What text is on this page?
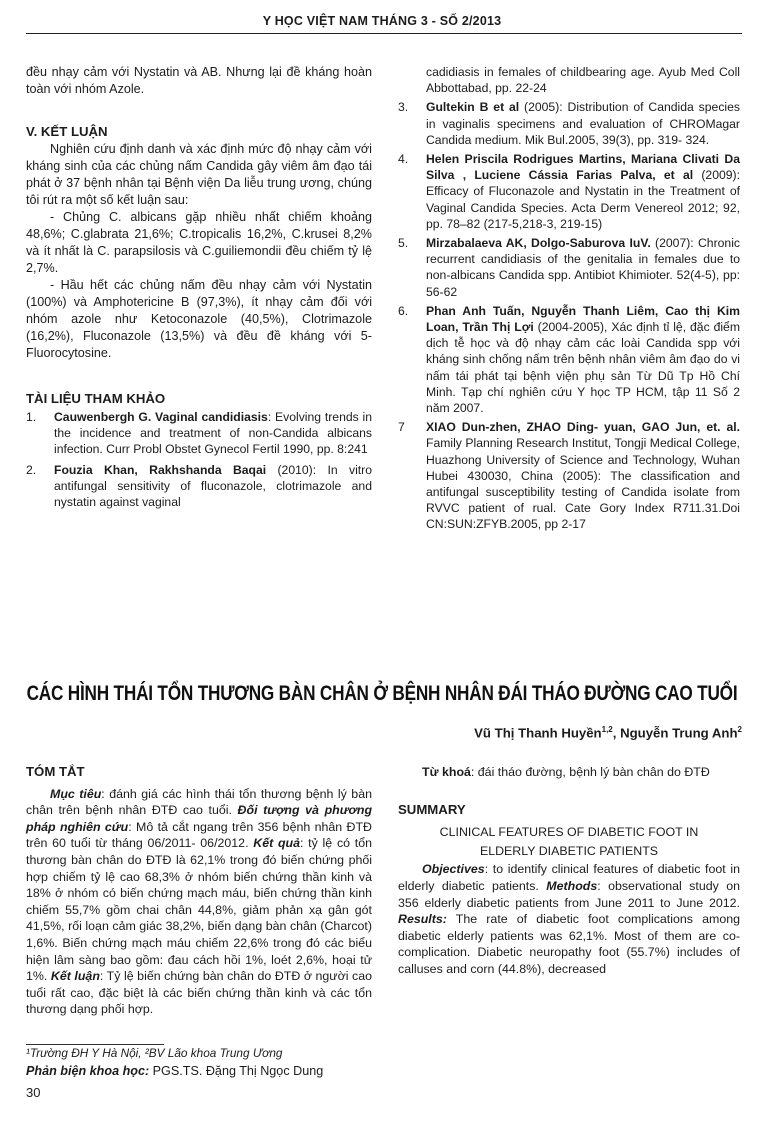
Y HỌC VIỆT NAM THÁNG 3 - SỐ 2/2013

đều nhạy cảm với Nystatin và AB. Nhưng lại đề kháng hoàn toàn với nhóm Azole.

V. KẾT LUẬN

Nghiên cứu định danh và xác định mức độ nhạy cảm với kháng sinh của các chủng nấm Candida gây viêm âm đạo tái phát ở 37 bệnh nhân tại Bệnh viện Da liễu trung ương, chúng tôi rút ra một số kết luận sau:

- Chủng C. albicans gặp nhiều nhất chiếm khoảng 48,6%; C.glabrata 21,6%; C.tropicalis 16,2%, C.krusei 8,2% và ít nhất là C. parapsilosis và C.guiliemondii đều chiếm tỷ lệ 2,7%.

- Hầu hết các chủng nấm đều nhạy cảm với Nystatin (100%) và Amphotericine B (97,3%), ít nhạy cảm đối với nhóm azole như Ketoconazole (40,5%), Clotrimazole (16,2%), Fluconazole (13,5%) và đều đề kháng với 5-Fluorocytosine.

TÀI LIỆU THAM KHẢO

1.	Cauwenbergh G. Vaginal candidiasis: Evolving trends in the incidence and treatment of non-Candida albicans infection. Curr Probl Obstet Gynecol Fertil 1990, pp. 8:241
2.	Fouzia Khan, Rakhshanda Baqai (2010): In vitro antifungal sensitivity of fluconazole, clotrimazole and nystatin against vaginal
cadidiasis in females of childbearing age. Ayub Med Coll Abbottabad, pp. 22-24
3.	Gultekin B et al (2005): Distribution of Candida species in vaginalis specimens and evaluation of CHROMagar Candida medium. Mik Bul.2005, 39(3), pp. 319- 324.
4.	Helen Priscila Rodrigues Martins, Mariana Clivati Da Silva , Luciene Cássia Farias Palva, et al (2009): Efficacy of Fluconazole and Nystatin in the Treatment of Vaginal Candida Species. Acta Derm Venereol 2012; 92, pp. 78–82 (217-5,218-3, 219-15)
5.	Mirzabalaeva AK, Dolgo-Saburova IuV. (2007): Chronic recurrent candidiasis of the genitalia in females due to non-albicans Candida spp. Antibiot Khimioter. 52(4-5), pp: 56-62
6.	Phan Anh Tuấn, Nguyễn Thanh Liêm, Cao thị Kim Loan, Trần Thị Lợi (2004-2005), Xác định tỉ lệ, đặc điểm dịch tễ học và độ nhạy cảm các loài Candida spp với kháng sinh chống nấm trên bệnh nhân viêm âm đạo do vi nấm tái phát tại bệnh viện phụ sản Từ Dũ Tp Hồ Chí Minh. Tạp chí nghiên cứu Y học TP HCM, tập 11 Số 2 năm 2007.
7	XIAO Dun-zhen, ZHAO Ding- yuan, GAO Jun, et. al. Family Planning Research Institut, Tongji Medical College, Huazhong University of Science and Technology, Wuhan Hubei 430030, China (2005): The classification and antifungal susceptibility testing of Candida isolate from RVVC patient of rual. Cate Gory Index R711.31.Doi CN:SUN:ZFYB.2005, pp 2-17
CÁC HÌNH THÁI TỔN THƯƠNG BÀN CHÂN Ở BỆNH NHÂN ĐÁI THÁO ĐƯỜNG CAO TUỔI
Vũ Thị Thanh Huyền$^{1,2}$, Nguyễn Trung Anh$^2$

TÓM TẮT

Mục tiêu: đánh giá các hình thái tổn thương bệnh lý bàn chân trên bệnh nhân ĐTĐ cao tuổi. Đối tượng và phương pháp nghiên cứu: Mô tả cắt ngang trên 356 bệnh nhân ĐTĐ trên 60 tuổi từ tháng 06/2011- 06/2012. Kết quả: tỷ lệ có tổn thương bàn chân do ĐTĐ là 62,1% trong đó biến chứng phối hợp chiếm tỷ lệ cao 68,3% ở nhóm biến chứng thần kinh và 18% ở nhóm có biến chứng mạch máu, biến chứng thần kinh chiếm 55,7% gồm chai chân 44,8%, giảm phản xạ gân gót 41,5%, rối loạn cảm giác 38,2%, biến dạng bàn chân (Charcot) 1,6%. Biến chứng mạch máu chiếm 22,6% trong đó các biểu hiện lâm sàng bao gồm: đau cách hồi 1%, loét 2,6%, hoại tử 1%. Kết luận: Tỷ lệ biến chứng bàn chân do ĐTĐ ở người cao tuổi rất cao, đặc biệt là các biến chứng thần kinh và các tổn thương dạng phối hợp.

Từ khoá: đái tháo đường, bệnh lý bàn chân do ĐTĐ

SUMMARY

CLINICAL FEATURES OF DIABETIC FOOT IN

ELDERLY DIABETIC PATIENTS

Objectives: to identify clinical features of diabetic foot in elderly diabetic patients. Methods: observational study on 356 elderly diabetic patients from June 2011 to June 2012. Results: The rate of diabetic foot complications among diabetic elderly patients was 62,1%. Most of them are co-complication. Diabetic neuropathy foot (55.7%) includes of calluses and corn (44.8%), decreased

¹Trường ĐH Y Hà Nội, ²BV Lão khoa Trung Ương
Phản biện khoa học: PGS.TS. Đặng Thị Ngọc Dung
30
